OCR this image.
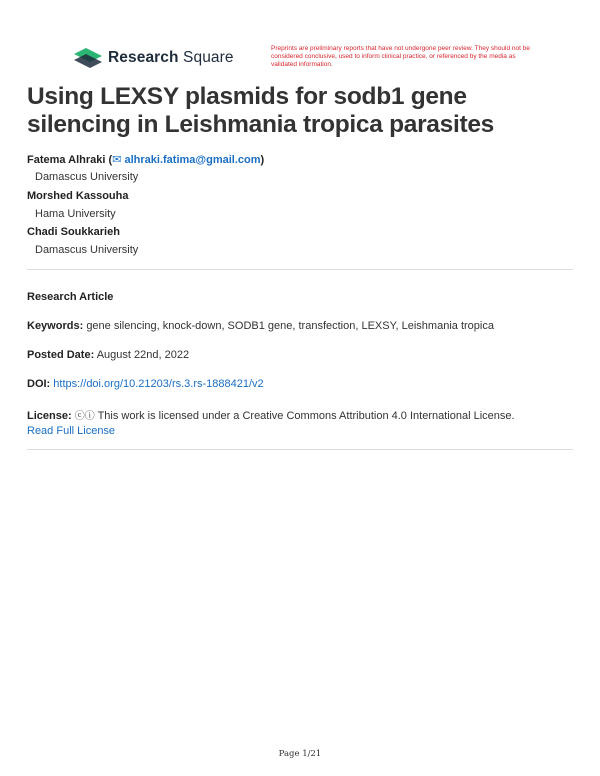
Research Square
Preprints are preliminary reports that have not undergone peer review. They should not be considered conclusive, used to inform clinical practice, or referenced by the media as validated information.
Using LEXSY plasmids for sodb1 gene silencing in Leishmania tropica parasites
Fatema Alhraki (✉ alhraki.fatima@gmail.com)
Damascus University
Morshed Kassouha
Hama University
Chadi Soukkarieh
Damascus University
Research Article
Keywords: gene silencing, knock-down, SODB1 gene, transfection, LEXSY, Leishmania tropica
Posted Date: August 22nd, 2022
DOI: https://doi.org/10.21203/rs.3.rs-1888421/v2
License: ⓒⓘ This work is licensed under a Creative Commons Attribution 4.0 International License.
Read Full License
Page 1/21
